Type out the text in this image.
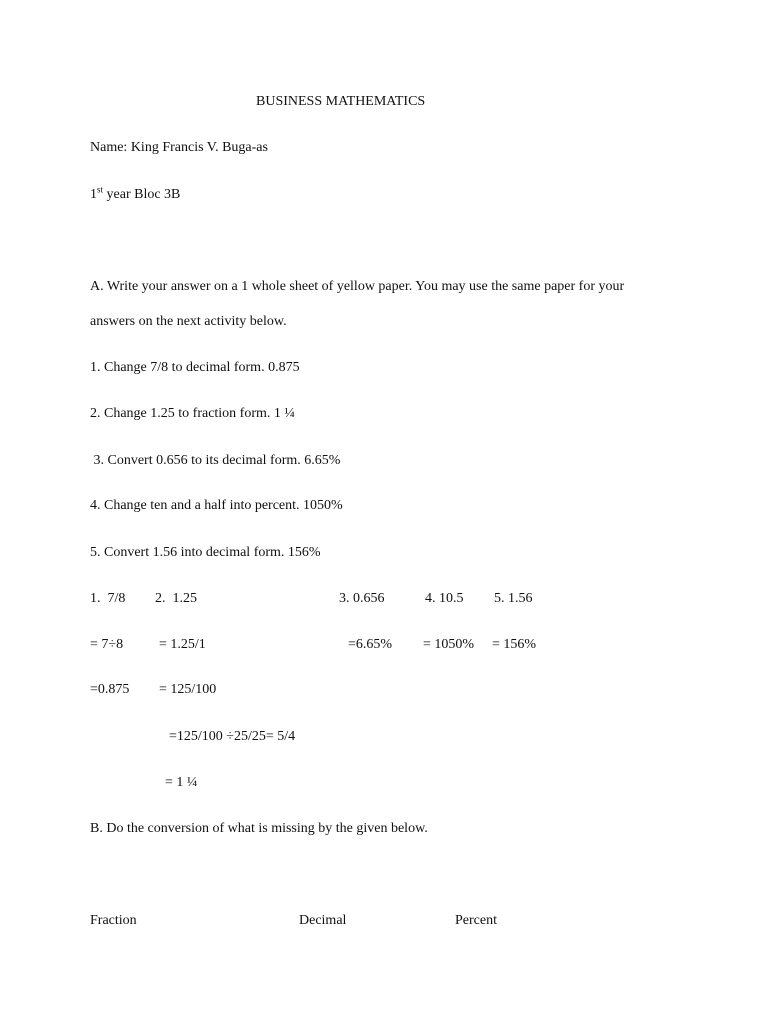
BUSINESS MATHEMATICS
Name: King Francis V. Buga-as
1st year Bloc 3B
A. Write your answer on a 1 whole sheet of yellow paper. You may use the same paper for your
answers on the next activity below.
1. Change 7/8 to decimal form. 0.875
2. Change 1.25 to fraction form. 1 ¼
3. Convert 0.656 to its decimal form. 6.65%
4. Change ten and a half into percent. 1050%
5. Convert 1.56 into decimal form. 156%
1.  7/8 2.  1.25	3. 0.656	4. 10.5 5. 1.56
= 7÷8	= 1.25/1	=6.65% = 1050% = 156%
=0.875 = 125/100
=125/100 ÷25/25= 5/4
= 1 ¼
B. Do the conversion of what is missing by the given below.
Fraction	Decimal	Percent
